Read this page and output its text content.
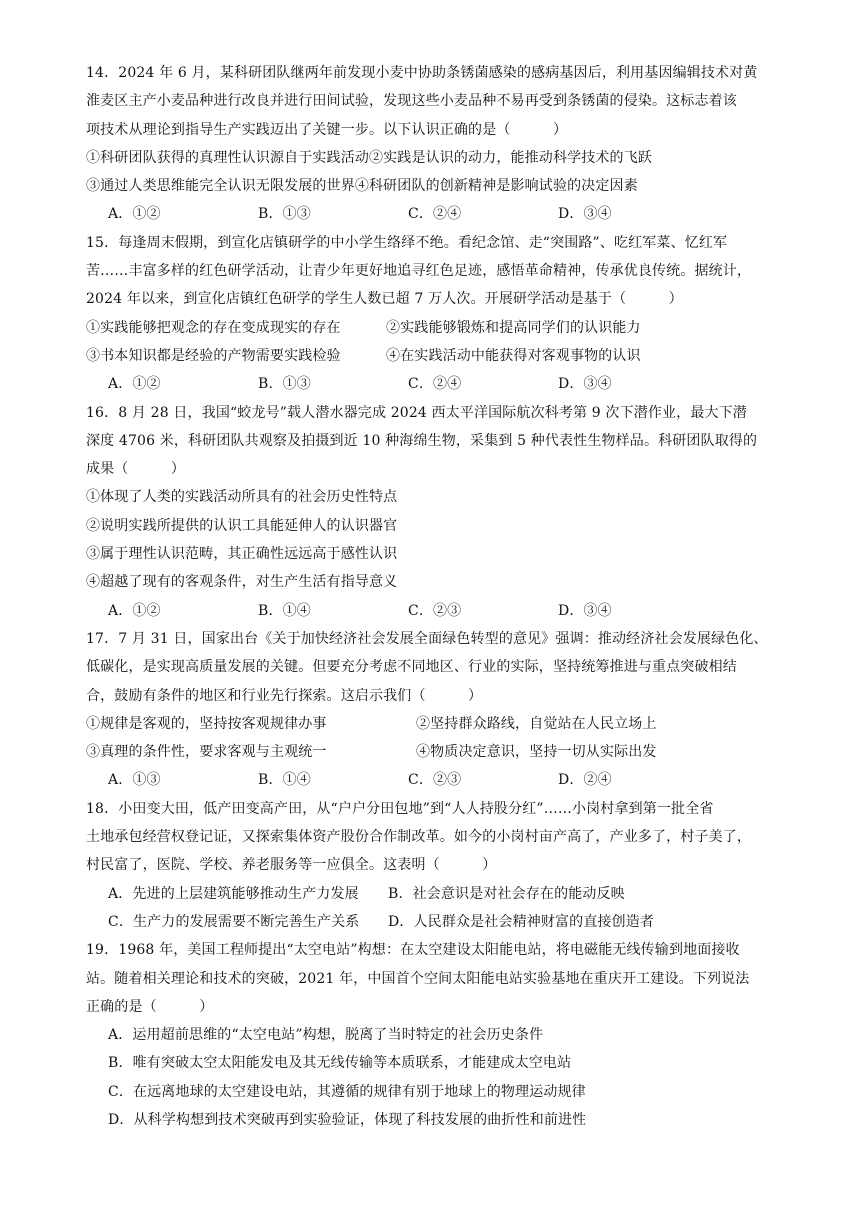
14．2024 年 6 月，某科研团队继两年前发现小麦中协助条锈菌感染的感病基因后，利用基因编辑技术对黄
淮麦区主产小麦品种进行改良并进行田间试验，发现这些小麦品种不易再受到条锈菌的侵染。这标志着该
项技术从理论到指导生产实践迈出了关键一步。以下认识正确的是（　　　）
①科研团队获得的真理性认识源自于实践活动②实践是认识的动力，能推动科学技术的飞跃
③通过人类思维能完全认识无限发展的世界④科研团队的创新精神是影响试验的决定因素
A．①②	B．①③	C．②④	D．③④
15．每逢周末假期，到宣化店镇研学的中小学生络绎不绝。看纪念馆、走“突围路”、吃红军菜、忆红军
苦……丰富多样的红色研学活动，让青少年更好地追寻红色足迹，感悟革命精神，传承优良传统。据统计，
2024 年以来，到宣化店镇红色研学的学生人数已超 7 万人次。开展研学活动是基于（　　　）
①实践能够把观念的存在变成现实的存在	②实践能够锻炼和提高同学们的认识能力
③书本知识都是经验的产物需要实践检验	④在实践活动中能获得对客观事物的认识
A．①②	B．①③	C．②④	D．③④
16．8 月 28 日，我国“蛟龙号”载人潜水器完成 2024 西太平洋国际航次科考第 9 次下潜作业，最大下潜
深度 4706 米，科研团队共观察及拍摄到近 10 种海绵生物，采集到 5 种代表性生物样品。科研团队取得的
成果（　　　）
①体现了人类的实践活动所具有的社会历史性特点
②说明实践所提供的认识工具能延伸人的认识器官
③属于理性认识范畴，其正确性远远高于感性认识
④超越了现有的客观条件，对生产生活有指导意义
A．①②	B．①④	C．②③	D．③④
17．7 月 31 日，国家出台《关于加快经济社会发展全面绿色转型的意见》强调：推动经济社会发展绿色化、
低碳化，是实现高质量发展的关键。但要充分考虑不同地区、行业的实际，坚持统筹推进与重点突破相结
合，鼓励有条件的地区和行业先行探索。这启示我们（　　　）
①规律是客观的，坚持按客观规律办事	②坚持群众路线，自觉站在人民立场上
③真理的条件性，要求客观与主观统一	④物质决定意识，坚持一切从实际出发
A．①③	B．①④	C．②③	D．②④
18．小田变大田，低产田变高产田，从“户户分田包地”到“人人持股分红”……小岗村拿到第一批全省
土地承包经营权登记证，又探索集体资产股份合作制改革。如今的小岗村亩产高了，产业多了，村子美了，
村民富了，医院、学校、养老服务等一应俱全。这表明（　　　）
A．先进的上层建筑能够推动生产力发展	B．社会意识是对社会存在的能动反映
C．生产力的发展需要不断完善生产关系	D．人民群众是社会精神财富的直接创造者
19．1968 年，美国工程师提出“太空电站”构想：在太空建设太阳能电站，将电磁能无线传输到地面接收
站。随着相关理论和技术的突破，2021 年，中国首个空间太阳能电站实验基地在重庆开工建设。下列说法
正确的是（　　　）
A．运用超前思维的“太空电站”构想，脱离了当时特定的社会历史条件
B．唯有突破太空太阳能发电及其无线传输等本质联系，才能建成太空电站
C．在远离地球的太空建设电站，其遵循的规律有别于地球上的物理运动规律
D．从科学构想到技术突破再到实验验证，体现了科技发展的曲折性和前进性
